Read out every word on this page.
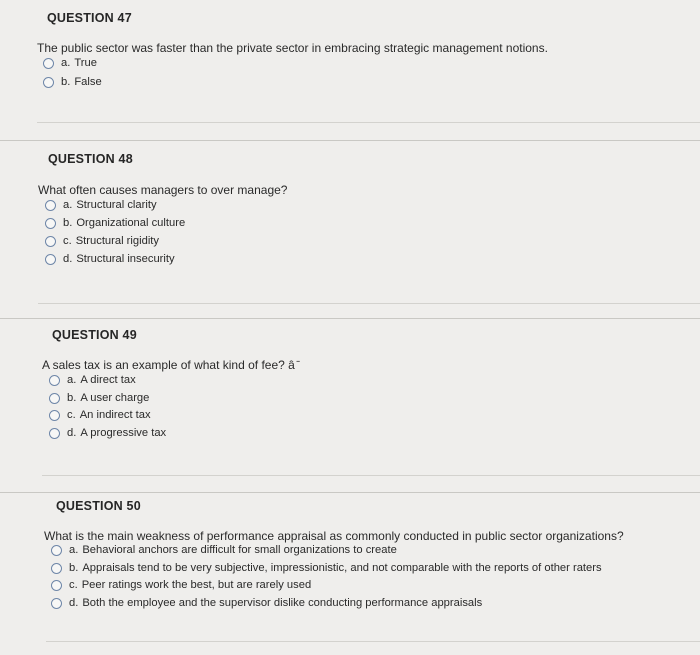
QUESTION 47
The public sector was faster than the private sector in embracing strategic management notions.
a. True
b. False
QUESTION 48
What often causes managers to over manage?
a. Structural clarity
b. Organizational culture
c. Structural rigidity
d. Structural insecurity
QUESTION 49
A sales tax is an example of what kind of fee? â ̄
a. A direct tax
b. A user charge
c. An indirect tax
d. A progressive tax
QUESTION 50
What is the main weakness of performance appraisal as commonly conducted in public sector organizations?
a. Behavioral anchors are difficult for small organizations to create
b. Appraisals tend to be very subjective, impressionistic, and not comparable with the reports of other raters
c. Peer ratings work the best, but are rarely used
d. Both the employee and the supervisor dislike conducting performance appraisals
